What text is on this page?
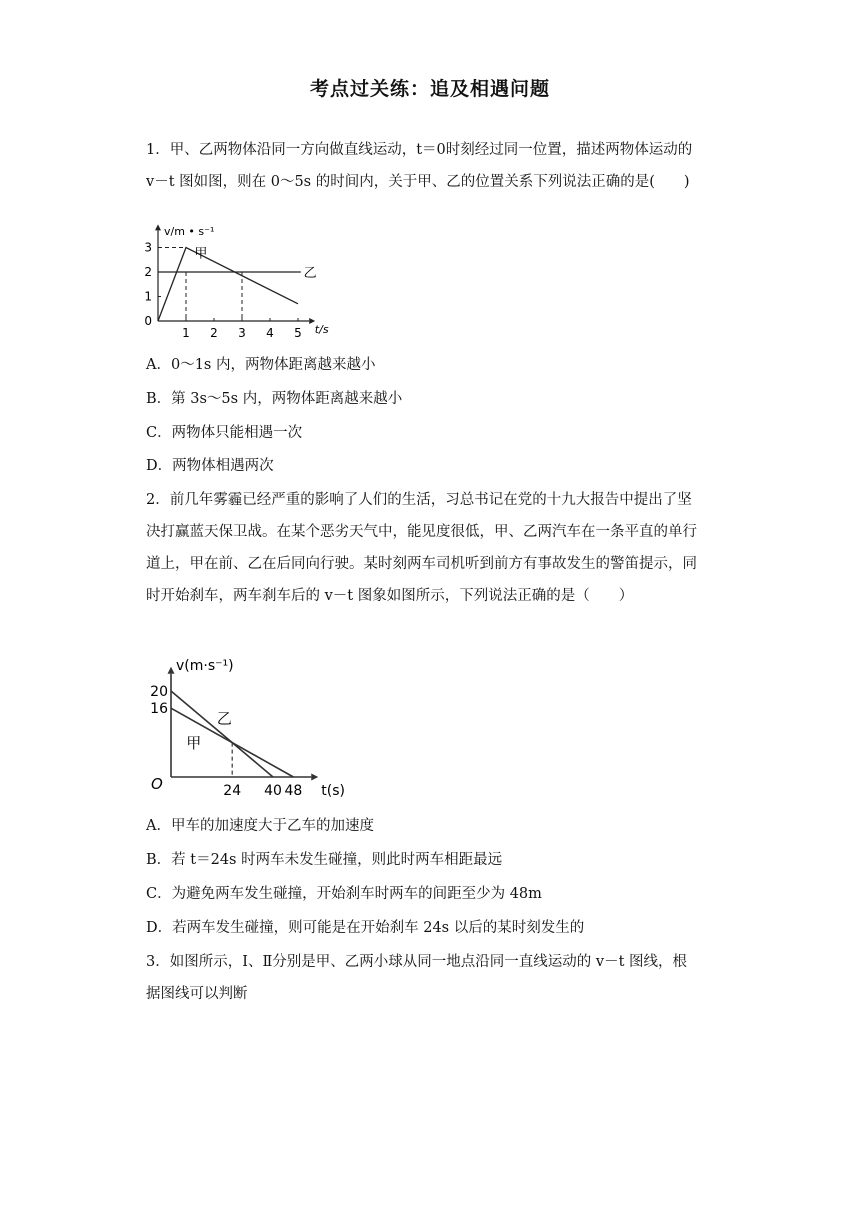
考点过关练：追及相遇问题
1．甲、乙两物体沿同一方向做直线运动，t＝0时刻经过同一位置，描述两物体运动的
v－t 图如图，则在 0～5s 的时间内，关于甲、乙的位置关系下列说法正确的是(　　)
v/m • s⁻¹
t/s
1 2 3 4 5
0
1
2
3	甲
乙
A．0～1s 内，两物体距离越来越小
B．第 3s～5s 内，两物体距离越来越小
C．两物体只能相遇一次
D．两物体相遇两次
2．前几年雾霾已经严重的影响了人们的生活，习总书记在党的十九大报告中提出了坚
决打赢蓝天保卫战。在某个恶劣天气中，能见度很低，甲、乙两汽车在一条平直的单行
道上，甲在前、乙在后同向行驶。某时刻两车司机听到前方有事故发生的警笛提示，同
时开始刹车，两车刹车后的 v－t 图象如图所示，下列说法正确的是（　　）
v(m·s⁻¹)
t(s)
O	24 40 48
20
16
乙
甲
A．甲车的加速度大于乙车的加速度
B．若 t＝24s 时两车未发生碰撞，则此时两车相距最远
C．为避免两车发生碰撞，开始刹车时两车的间距至少为 48m
D．若两车发生碰撞，则可能是在开始刹车 24s 以后的某时刻发生的
3．如图所示，Ⅰ、Ⅱ分别是甲、乙两小球从同一地点沿同一直线运动的 v－t 图线，根
据图线可以判断
